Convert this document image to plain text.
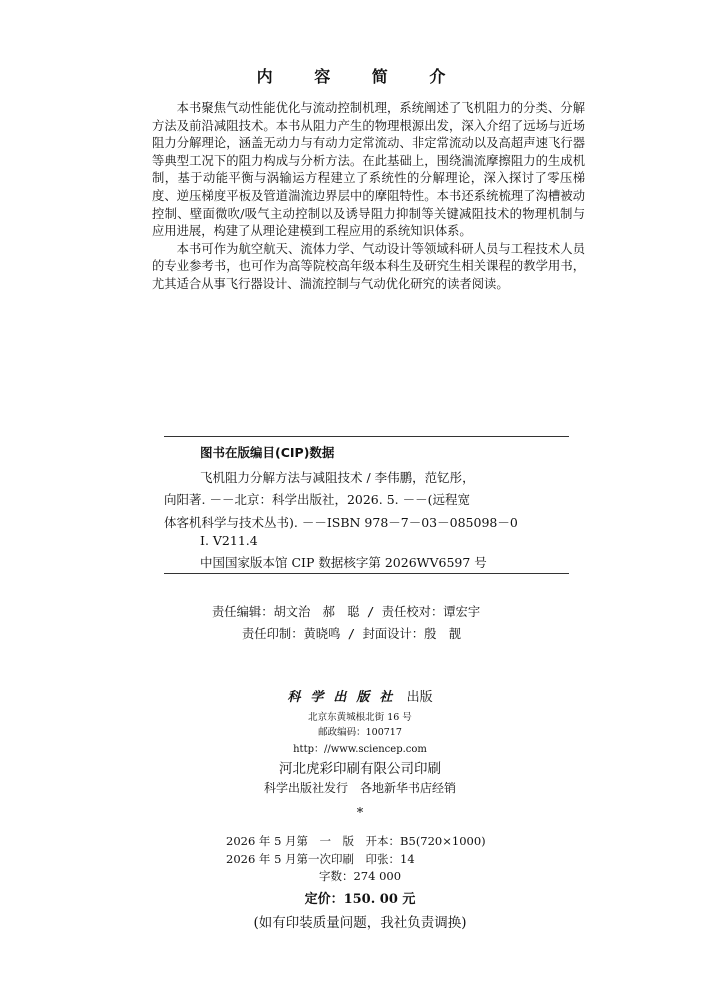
内 容 简 介

本书聚焦气动性能优化与流动控制机理，系统阐述了飞机阻力的分类、分解方法及前沿减阻技术。本书从阻力产生的物理根源出发，深入介绍了远场与近场阻力分解理论，涵盖无动力与有动力定常流动、非定常流动以及高超声速飞行器等典型工况下的阻力构成与分析方法。在此基础上，围绕湍流摩擦阻力的生成机制，基于动能平衡与涡输运方程建立了系统性的分解理论，深入探讨了零压梯度、逆压梯度平板及管道湍流边界层中的摩阻特性。本书还系统梳理了沟槽被动控制、壁面微吹/吸气主动控制以及诱导阻力抑制等关键减阻技术的物理机制与应用进展，构建了从理论建模到工程应用的系统知识体系。

本书可作为航空航天、流体力学、气动设计等领域科研人员与工程技术人员的专业参考书，也可作为高等院校高年级本科生及研究生相关课程的教学用书，尤其适合从事飞行器设计、湍流控制与气动优化研究的读者阅读。

图书在版编目(CIP)数据
飞机阻力分解方法与减阻技术 / 李伟鹏，范钇彤，
向阳著. －－北京：科学出版社，2026. 5. －－(远程宽
体客机科学与技术丛书). －－ISBN 978－7－03－085098－0
Ⅰ. V211.4
中国国家版本馆 CIP 数据核字第 2026WV6597 号
责任编辑：胡文治　郝　聪 / 责任校对：谭宏宇
责任印制：黄晓鸣 / 封面设计：殷　靓
科学出版社 出版
北京东黄城根北街 16 号
邮政编码：100717
http：//www.sciencep.com
河北虎彩印刷有限公司印刷
科学出版社发行　各地新华书店经销
*
2026 年 5 月第　一　版　开本：B5(720×1000)
2026 年 5 月第一次印刷　印张：14
字数：274 000
定价：150. 00 元
(如有印装质量问题，我社负责调换)
